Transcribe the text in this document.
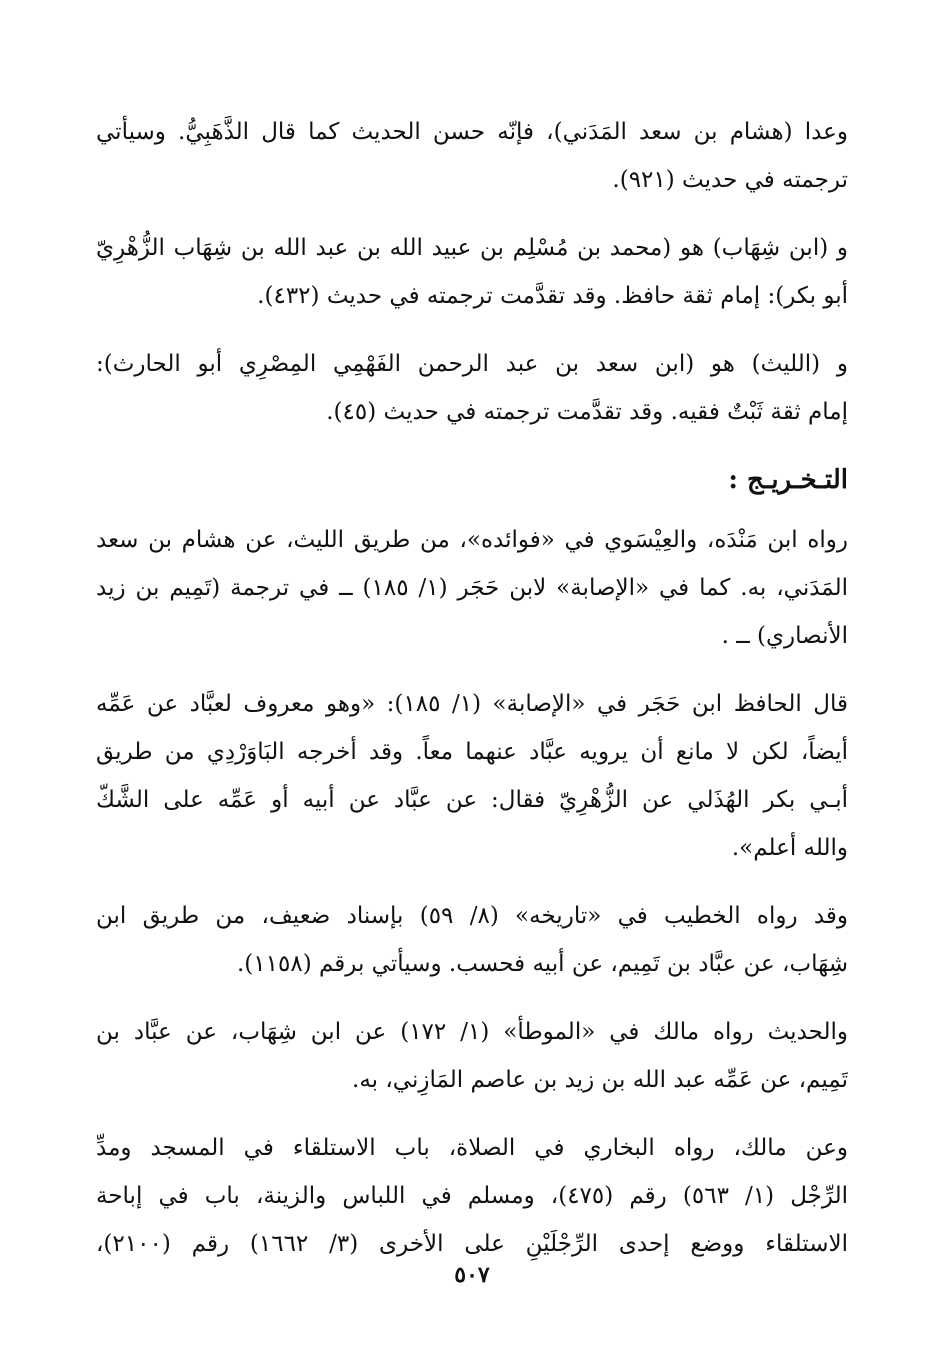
وعدا (هشام بن سعد المَدَني)، فإنّه حسن الحديث كما قال الذَّهَبِيُّ. وسيأتي
ترجمته في حديث (٩٢١).

و (ابن شِهَاب) هو (محمد بن مُسْلِم بن عبيد الله بن عبد الله بن شِهَاب الزُّهْرِيّ
أبو بكر): إمام ثقة حافظ. وقد تقدَّمت ترجمته في حديث (٤٣٢).

و (الليث) هو (ابن سعد بن عبد الرحمن الفَهْمِي المِصْرِي أبو الحارث):
إمام ثقة ثَبْتٌ فقيه. وقد تقدَّمت ترجمته في حديث (٤٥).

التـخـريـج :

رواه ابن مَنْدَه، والعِيْسَوي في «فوائده»، من طريق الليث، عن هشام بن سعد
المَدَني، به. كما في «الإصابة» لابن حَجَر (١/ ١٨٥) ــ في ترجمة (تَمِيم بن زيد
الأنصاري) ــ .

قال الحافظ ابن حَجَر في «الإصابة» (١/ ١٨٥): «وهو معروف لعبَّاد عن عَمِّه
أيضاً، لكن لا مانع أن يرويه عبَّاد عنهما معاً. وقد أخرجه البَاوَرْدِي من طريق
أبـي بكر الهُذَلي عن الزُّهْرِيّ فقال: عن عبَّاد عن أبيه أو عَمِّه على الشَّكّ
والله أعلم».

وقد رواه الخطيب في «تاريخه» (٨/ ٥٩) بإسناد ضعيف، من طريق ابن
شِهَاب، عن عبَّاد بن تَمِيم، عن أبيه فحسب. وسيأتي برقم (١١٥٨).

والحديث رواه مالك في «الموطأ» (١/ ١٧٢) عن ابن شِهَاب، عن عبَّاد بن
تَمِيم، عن عَمِّه عبد الله بن زيد بن عاصم المَازِني، به.

وعن مالك، رواه البخاري في الصلاة، باب الاستلقاء في المسجد ومدِّ
الرِّجْل (١/ ٥٦٣) رقم (٤٧٥)، ومسلم في اللباس والزينة، باب في إباحة
الاستلقاء ووضع إحدى الرِّجْلَيْنِ على الأخرى (٣/ ١٦٦٢) رقم (٢١٠٠)،

٥٠٧
